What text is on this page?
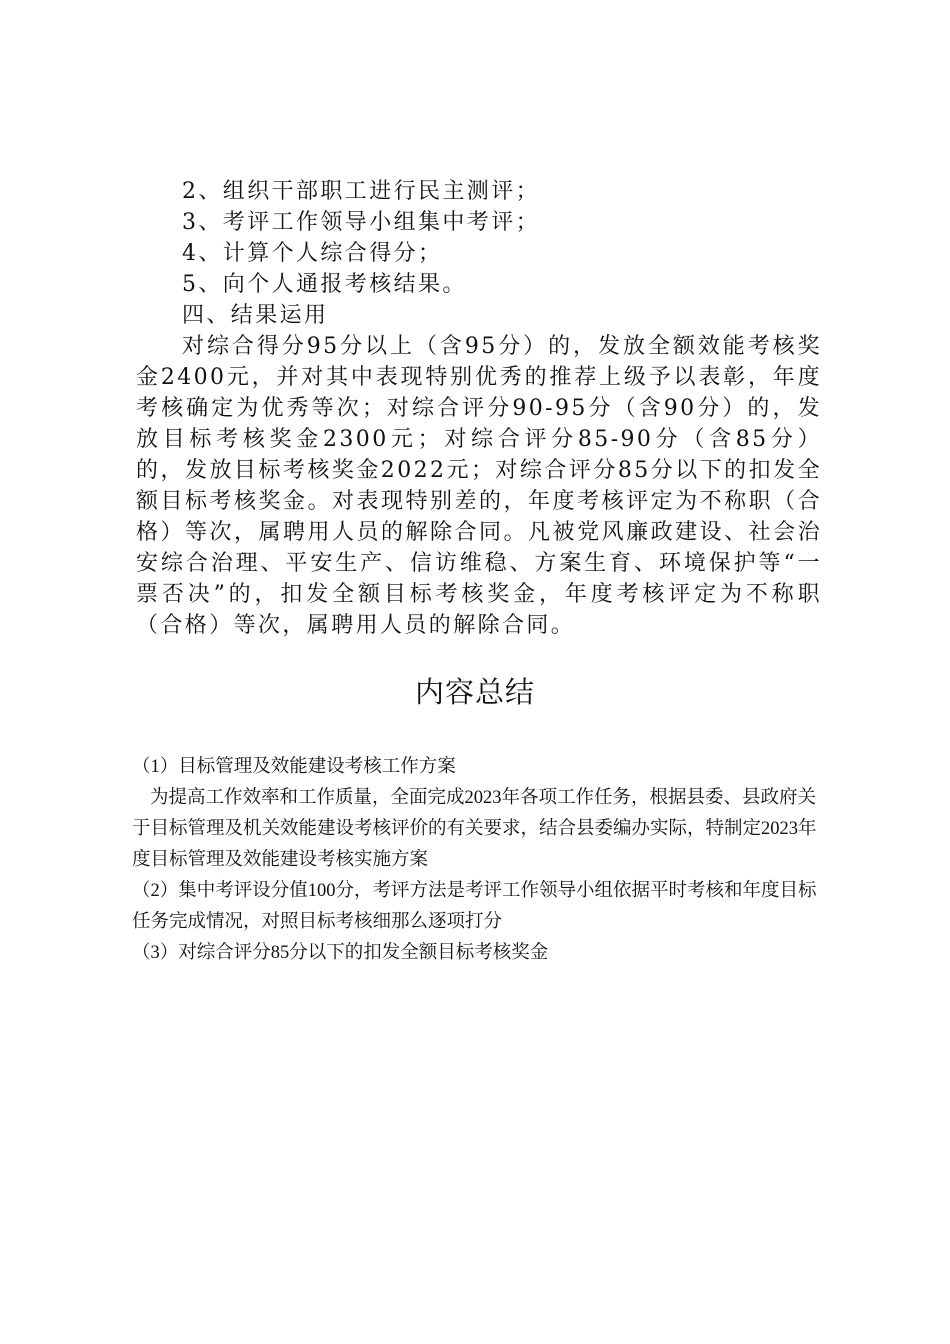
2、组织干部职工进行民主测评；

3、考评工作领导小组集中考评；

4、计算个人综合得分；

5、向个人通报考核结果。

四、结果运用

对综合得分95分以上（含95分）的，发放全额效能考核奖金2400元，并对其中表现特别优秀的推荐上级予以表彰，年度考核确定为优秀等次；对综合评分90-95分（含90分）的，发放目标考核奖金2300元；对综合评分85-90分（含85分）的，发放目标考核奖金2022元；对综合评分85分以下的扣发全额目标考核奖金。对表现特别差的，年度考核评定为不称职（合格）等次，属聘用人员的解除合同。凡被党风廉政建设、社会治安综合治理、平安生产、信访维稳、方案生育、环境保护等“一票否决”的，扣发全额目标考核奖金，年度考核评定为不称职（合格）等次，属聘用人员的解除合同。

内容总结

（1）目标管理及效能建设考核工作方案

为提高工作效率和工作质量，全面完成2023年各项工作任务，根据县委、县政府关于目标管理及机关效能建设考核评价的有关要求，结合县委编办实际，特制定2023年度目标管理及效能建设考核实施方案

（2）集中考评设分值100分，考评方法是考评工作领导小组依据平时考核和年度目标任务完成情况，对照目标考核细那么逐项打分

（3）对综合评分85分以下的扣发全额目标考核奖金
